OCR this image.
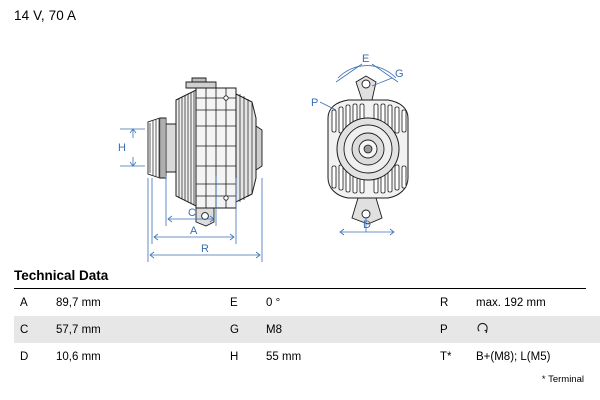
14 V, 70 A
H
C
A
R
E
G
P
D
Technical Data
A	89,7 mm	E	0 °	R	max. 192 mm
C	57,7 mm	G	M8	P	
D	10,6 mm	H	55 mm	T*	B+(M8); L(M5)
* Terminal
